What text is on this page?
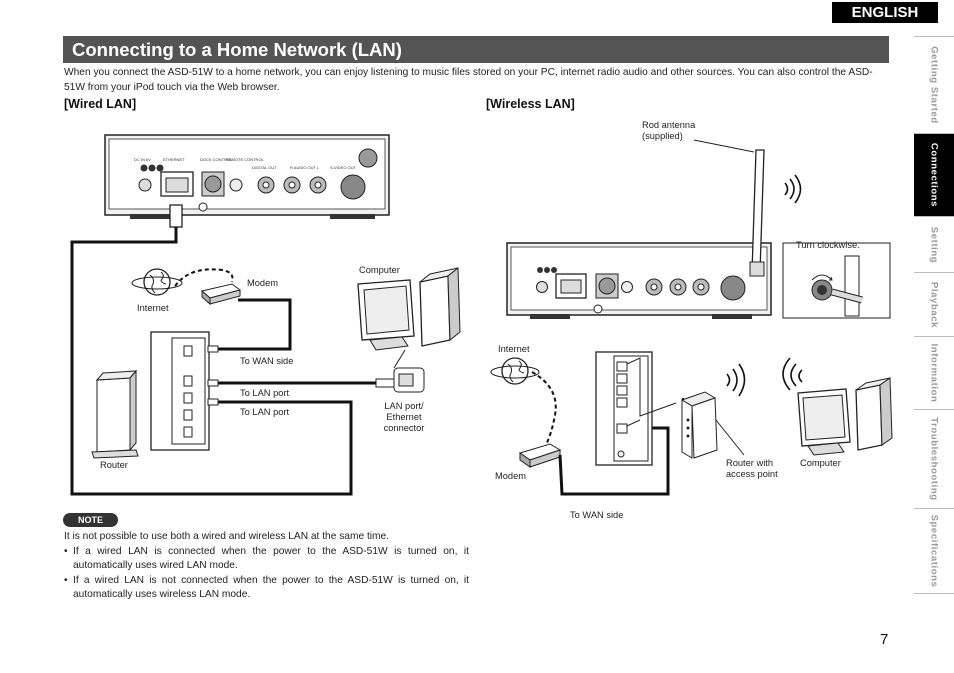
ENGLISH
Connecting to a Home Network (LAN)

When you connect the ASD-51W to a home network, you can enjoy listening to music files stored on your PC, internet radio audio and other sources. You can also control the ASD-51W from your iPod touch via the Web browser.

[Wired LAN]	[Wireless LAN]
DC IN 6V	ETHERNET	DOCK CONTROL
REMOTE CONTROL
DIGITAL OUT	R AUDIO OUT L	S-VIDEO OUT
Internet
Modem
Computer
To WAN side
To LAN port
To LAN port
LAN port/
Ethernet
connector
Router
Rod antenna
(supplied)
Turn clockwise.
Internet
Modem
Router with
access point
Computer
To WAN side
NOTE

It is not possible to use both a wired and wireless LAN at the same time.

• If a wired LAN is connected when the power to the ASD-51W is turned on, it automatically uses wired LAN mode.
• If a wired LAN is not connected when the power to the ASD-51W is turned on, it automatically uses wireless LAN mode.
Getting Started
Connections
Setting
Playback
Information
Troubleshooting
Specifications
7
